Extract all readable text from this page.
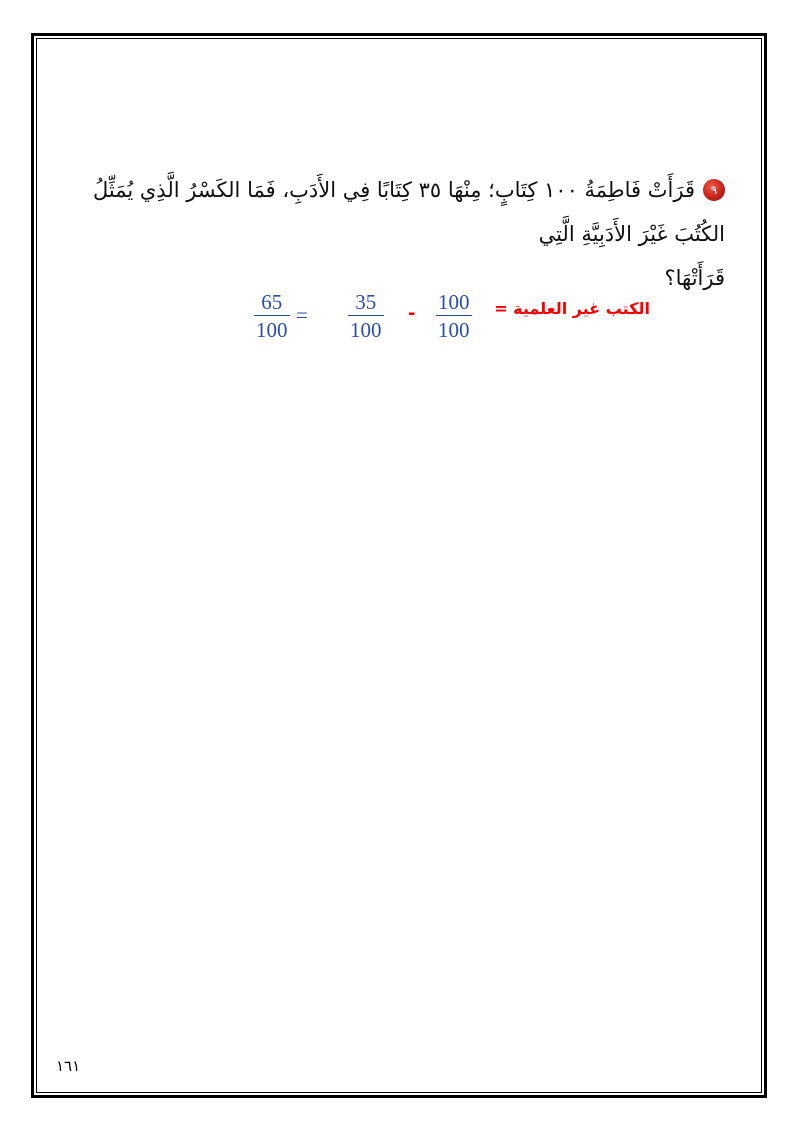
٩قَرَأَتْ فَاطِمَةُ ١٠٠ كِتَابٍ؛ مِنْهَا ٣٥ كِتَابًا فِي الأَدَبِ، فَمَا الكَسْرُ الَّذِي يُمَثِّلُ الكُتُبَ غَيْرَ الأَدَبِيَّةِ الَّتِي
قَرَأَتْهَا؟
الكتب غير العلمية =
100
100
-
35
100
=
65
100
١٦١
